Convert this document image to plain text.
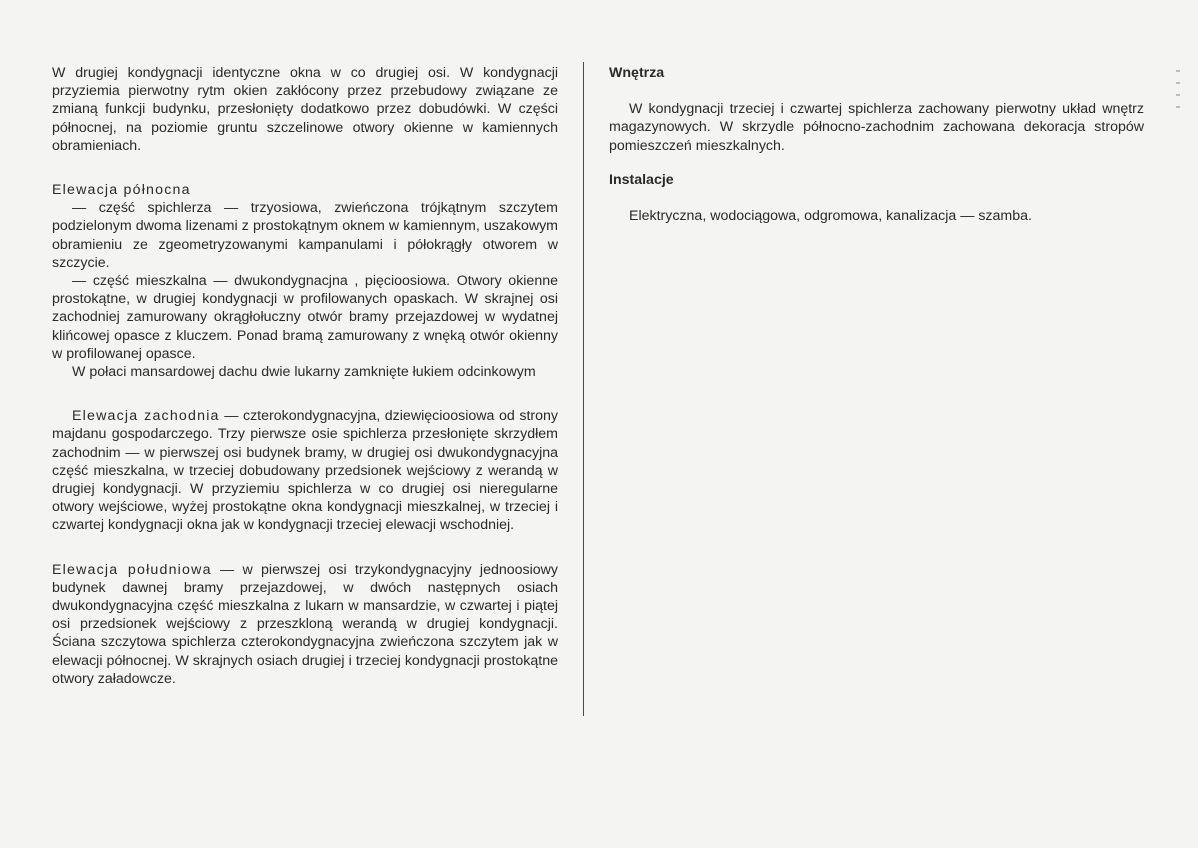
W drugiej kondygnacji identyczne okna w co drugiej osi. W kondygnacji przyziemia pierwotny rytm okien zakłócony przez przebudowy związane ze zmianą funkcji budynku, przesłonięty dodatkowo przez dobudówki. W części północnej, na poziomie gruntu szczelinowe otwory okienne w kamiennych obramieniach.

Elewacja północna

— część spichlerza — trzyosiowa, zwieńczona trójkątnym szczytem podzielonym dwoma lizenami z prostokątnym oknem w kamiennym, uszakowym obramieniu ze zgeometryzowanymi kampanulami i półokrągły otworem w szczycie.

— część mieszkalna — dwukondygnacjna , pięcioosiowa. Otwory okienne prostokątne, w drugiej kondygnacji w profilowanych opaskach. W skrajnej osi zachodniej zamurowany okrągłołuczny otwór bramy przejazdowej w wydatnej klińcowej opasce z kluczem. Ponad bramą zamurowany z wnęką otwór okienny w profilowanej opasce.

W połaci mansardowej dachu dwie lukarny zamknięte łukiem odcinkowym

Elewacja zachodnia — czterokondygnacyjna, dziewięcioosiowa od strony majdanu gospodarczego. Trzy pierwsze osie spichlerza przesłonięte skrzydłem zachodnim — w pierwszej osi budynek bramy, w drugiej osi dwukondygnacyjna część mieszkalna, w trzeciej dobudowany przedsionek wejściowy z werandą w drugiej kondygnacji. W przyziemiu spichlerza w co drugiej osi nieregularne otwory wejściowe, wyżej prostokątne okna kondygnacji mieszkalnej, w trzeciej i czwartej kondygnacji okna jak w kondygnacji trzeciej elewacji wschodniej.

Elewacja południowa — w pierwszej osi trzykondygnacyjny jednoosiowy budynek dawnej bramy przejazdowej, w dwóch następnych osiach dwukondygnacyjna część mieszkalna z lukarn w mansardzie, w czwartej i piątej osi przedsionek wejściowy z przeszkloną werandą w drugiej kondygnacji. Ściana szczytowa spichlerza czterokondygnacyjna zwieńczona szczytem jak w elewacji północnej. W skrajnych osiach drugiej i trzeciej kondygnacji prostokątne otwory załadowcze.

Wnętrza

W kondygnacji trzeciej i czwartej spichlerza zachowany pierwotny układ wnętrz magazynowych. W skrzydle północno-zachodnim zachowana dekoracja stropów pomieszczeń mieszkalnych.

Instalacje

Elektryczna, wodociągowa, odgromowa, kanalizacja — szamba.
